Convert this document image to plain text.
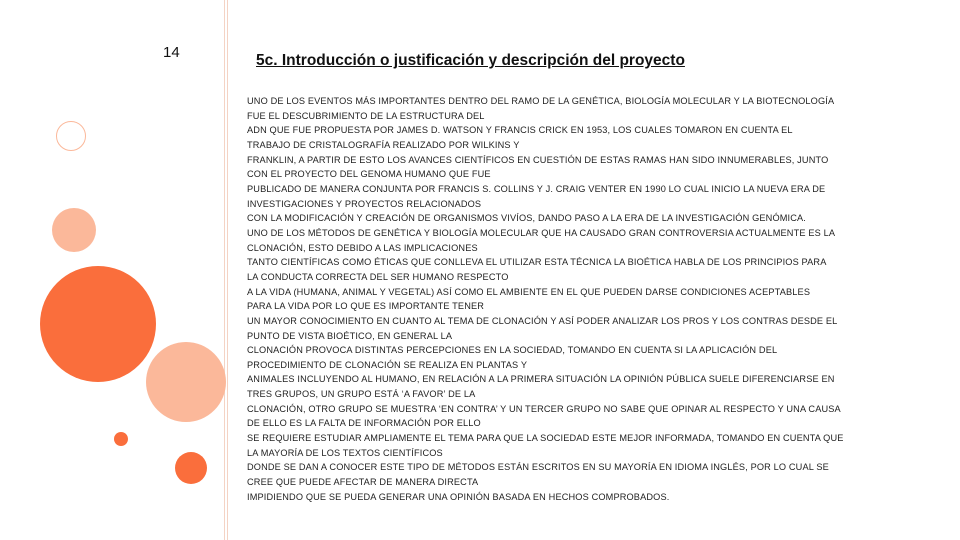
14	5c. Introducción o justificación y descripción del proyecto
UNO DE LOS EVENTOS MÁS IMPORTANTES DENTRO DEL RAMO DE LA GENÉTICA, BIOLOGÍA MOLECULAR Y LA BIOTECNOLOGÍA
FUE EL DESCUBRIMIENTO DE LA ESTRUCTURA DEL
ADN QUE FUE PROPUESTA POR JAMES D. WATSON Y FRANCIS CRICK EN 1953, LOS CUALES TOMARON EN CUENTA EL
TRABAJO DE CRISTALOGRAFÍA REALIZADO POR WILKINS Y
FRANKLIN, A PARTIR DE ESTO LOS AVANCES CIENTÍFICOS EN CUESTIÓN DE ESTAS RAMAS HAN SIDO INNUMERABLES, JUNTO
CON EL PROYECTO DEL GENOMA HUMANO QUE FUE
PUBLICADO DE MANERA CONJUNTA POR FRANCIS S. COLLINS Y J. CRAIG VENTER EN 1990 LO CUAL INICIO LA NUEVA ERA DE
INVESTIGACIONES Y PROYECTOS RELACIONADOS
CON LA MODIFICACIÓN Y CREACIÓN DE ORGANISMOS VIVÍOS, DANDO PASO A LA ERA DE LA INVESTIGACIÓN GENÓMICA.
UNO DE LOS MÉTODOS DE GENÉTICA Y BIOLOGÍA MOLECULAR QUE HA CAUSADO GRAN CONTROVERSIA ACTUALMENTE ES LA
CLONACIÓN, ESTO DEBIDO A LAS IMPLICACIONES
TANTO CIENTÍFICAS COMO ÉTICAS QUE CONLLEVA EL UTILIZAR ESTA TÉCNICA LA BIOÉTICA HABLA DE LOS PRINCIPIOS PARA
LA CONDUCTA CORRECTA DEL SER HUMANO RESPECTO
A LA VIDA (HUMANA, ANIMAL Y VEGETAL) ASÍ COMO EL AMBIENTE EN EL QUE PUEDEN DARSE CONDICIONES ACEPTABLES
PARA LA VIDA POR LO QUE ES IMPORTANTE TENER
UN MAYOR CONOCIMIENTO EN CUANTO AL TEMA DE CLONACIÓN Y ASÍ PODER ANALIZAR LOS PROS Y LOS CONTRAS DESDE EL
PUNTO DE VISTA BIOÉTICO, EN GENERAL LA
CLONACIÓN PROVOCA DISTINTAS PERCEPCIONES EN LA SOCIEDAD, TOMANDO EN CUENTA SI LA APLICACIÓN DEL
PROCEDIMIENTO DE CLONACIÓN SE REALIZA EN PLANTAS Y
ANIMALES INCLUYENDO AL HUMANO, EN RELACIÓN A LA PRIMERA SITUACIÓN LA OPINIÓN PÚBLICA SUELE DIFERENCIARSE EN
TRES GRUPOS, UN GRUPO ESTÁ ‘A FAVOR’ DE LA
CLONACIÓN, OTRO GRUPO SE MUESTRA ‘EN CONTRA’ Y UN TERCER GRUPO NO SABE QUE OPINAR AL RESPECTO Y UNA CAUSA
DE ELLO ES LA FALTA DE INFORMACIÓN POR ELLO
SE REQUIERE ESTUDIAR AMPLIAMENTE EL TEMA PARA QUE LA SOCIEDAD ESTE MEJOR INFORMADA, TOMANDO EN CUENTA QUE
LA MAYORÍA DE LOS TEXTOS CIENTÍFICOS
DONDE SE DAN A CONOCER ESTE TIPO DE MÉTODOS ESTÁN ESCRITOS EN SU MAYORÍA EN IDIOMA INGLÉS, POR LO CUAL SE
CREE QUE PUEDE AFECTAR DE MANERA DIRECTA
IMPIDIENDO QUE SE PUEDA GENERAR UNA OPINIÓN BASADA EN HECHOS COMPROBADOS.
